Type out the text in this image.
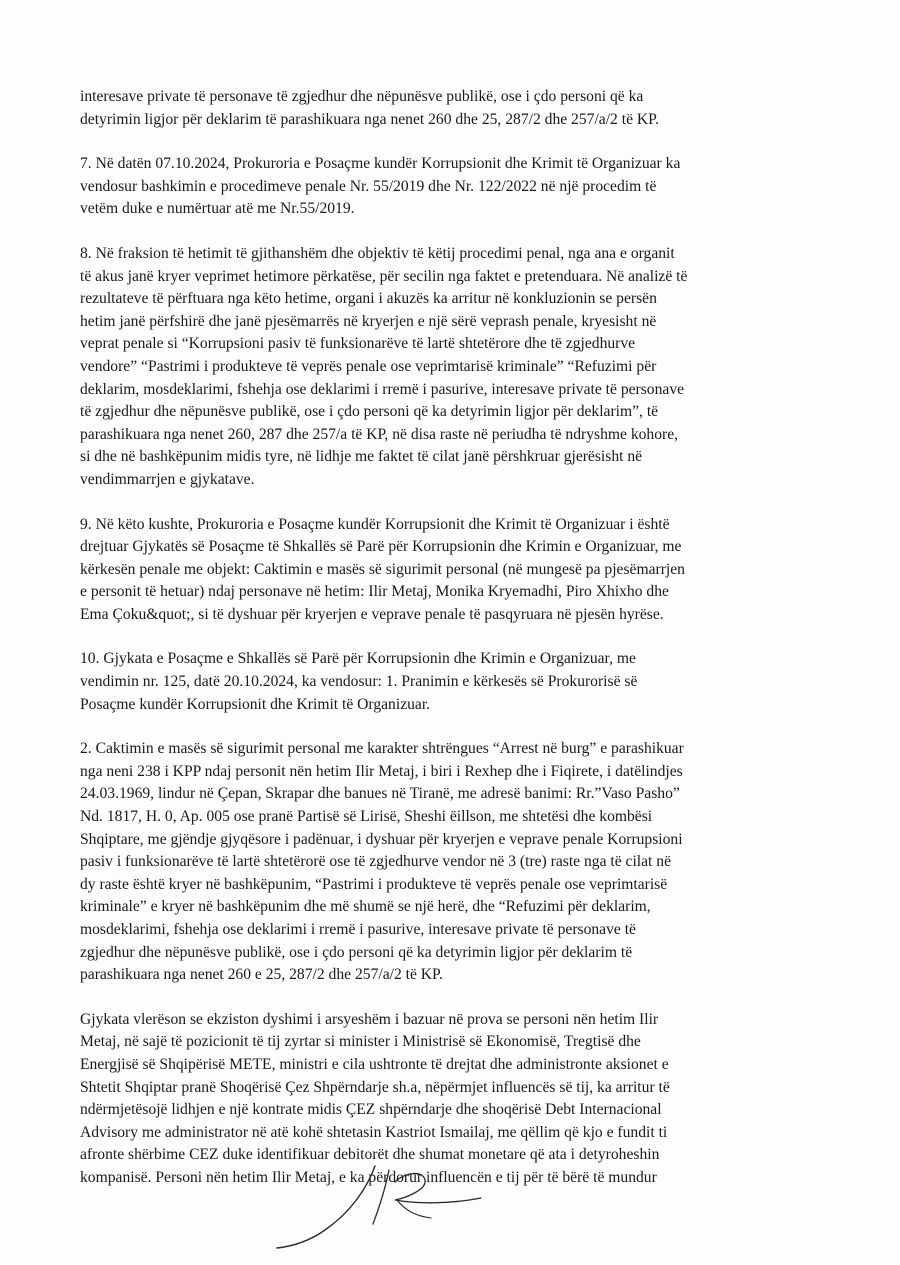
interesave private të personave të zgjedhur dhe nëpunësve publikë, ose i çdo personi që ka
detyrimin ligjor për deklarim të parashikuara nga nenet 260 dhe 25, 287/2 dhe 257/a/2 të KP.

7. Në datën 07.10.2024, Prokuroria e Posaçme kundër Korrupsionit dhe Krimit të Organizuar ka
vendosur bashkimin e procedimeve penale Nr. 55/2019 dhe Nr. 122/2022 në një procedim të
vetëm duke e numërtuar atë me Nr.55/2019.

8. Në fraksion të hetimit të gjithanshëm dhe objektiv të këtij procedimi penal, nga ana e organit
të akus janë kryer veprimet hetimore përkatëse, për secilin nga faktet e pretenduara. Në analizë të
rezultateve të përftuara nga këto hetime, organi i akuzës ka arritur në konkluzionin se persën
hetim janë përfshirë dhe janë pjesëmarrës në kryerjen e një sërë veprash penale, kryesisht në
veprat penale si “Korrupsioni pasiv të funksionarëve të lartë shtetërore dhe të zgjedhurve
vendore” “Pastrimi i produkteve të veprës penale ose veprimtarisë kriminale” “Refuzimi për
deklarim, mosdeklarimi, fshehja ose deklarimi i rremë i pasurive, interesave private të personave
të zgjedhur dhe nëpunësve publikë, ose i çdo personi që ka detyrimin ligjor për deklarim”, të
parashikuara nga nenet 260, 287 dhe 257/a të KP, në disa raste në periudha të ndryshme kohore,
si dhe në bashkëpunim midis tyre, në lidhje me faktet të cilat janë përshkruar gjerësisht në
vendimmarrjen e gjykatave.

9. Në këto kushte, Prokuroria e Posaçme kundër Korrupsionit dhe Krimit të Organizuar i është
drejtuar Gjykatës së Posaçme të Shkallës së Parë për Korrupsionin dhe Krimin e Organizuar, me
kërkesën penale me objekt: Caktimin e masës së sigurimit personal (në mungesë pa pjesëmarrjen
e personit të hetuar) ndaj personave në hetim: Ilir Metaj, Monika Kryemadhi, Piro Xhixho dhe
Ema Çoku&quot;, si të dyshuar për kryerjen e veprave penale të pasqyruara në pjesën hyrëse.

10. Gjykata e Posaçme e Shkallës së Parë për Korrupsionin dhe Krimin e Organizuar, me
vendimin nr. 125, datë 20.10.2024, ka vendosur: 1. Pranimin e kërkesës së Prokurorisë së
Posaçme kundër Korrupsionit dhe Krimit të Organizuar.

2. Caktimin e masës së sigurimit personal me karakter shtrëngues “Arrest në burg” e parashikuar
nga neni 238 i KPP ndaj personit nën hetim Ilir Metaj, i biri i Rexhep dhe i Fiqirete, i datëlindjes
24.03.1969, lindur në Çepan, Skrapar dhe banues në Tiranë, me adresë banimi: Rr.”Vaso Pasho”
Nd. 1817, H. 0, Ap. 005 ose pranë Partisë së Lirisë, Sheshi ëillson, me shtetësi dhe kombësi
Shqiptare, me gjëndje gjyqësore i padënuar, i dyshuar për kryerjen e veprave penale Korrupsioni
pasiv i funksionarëve të lartë shtetërorë ose të zgjedhurve vendor në 3 (tre) raste nga të cilat në
dy raste është kryer në bashkëpunim, “Pastrimi i produkteve të veprës penale ose veprimtarisë
kriminale” e kryer në bashkëpunim dhe më shumë se një herë, dhe “Refuzimi për deklarim,
mosdeklarimi, fshehja ose deklarimi i rremë i pasurive, interesave private të personave të
zgjedhur dhe nëpunësve publikë, ose i çdo personi që ka detyrimin ligjor për deklarim të
parashikuara nga nenet 260 e 25, 287/2 dhe 257/a/2 të KP.

Gjykata vlerëson se ekziston dyshimi i arsyeshëm i bazuar në prova se personi nën hetim Ilir
Metaj, në sajë të pozicionit të tij zyrtar si minister i Ministrisë së Ekonomisë, Tregtisë dhe
Energjisë së Shqipërisë METE, ministri e cila ushtronte të drejtat dhe administronte aksionet e
Shtetit Shqiptar pranë Shoqërisë Çez Shpërndarje sh.a, nëpërmjet influencës së tij, ka arritur të
ndërmjetësojë lidhjen e një kontrate midis ÇEZ shpërndarje dhe shoqërisë Debt Internacional
Advisory me administrator në atë kohë shtetasin Kastriot Ismailaj, me qëllim që kjo e fundit ti
afronte shërbime CEZ duke identifikuar debitorët dhe shumat monetare që ata i detyroheshin
kompanisë. Personi nën hetim Ilir Metaj, e ka përdorur influencën e tij për të bërë të mundur
